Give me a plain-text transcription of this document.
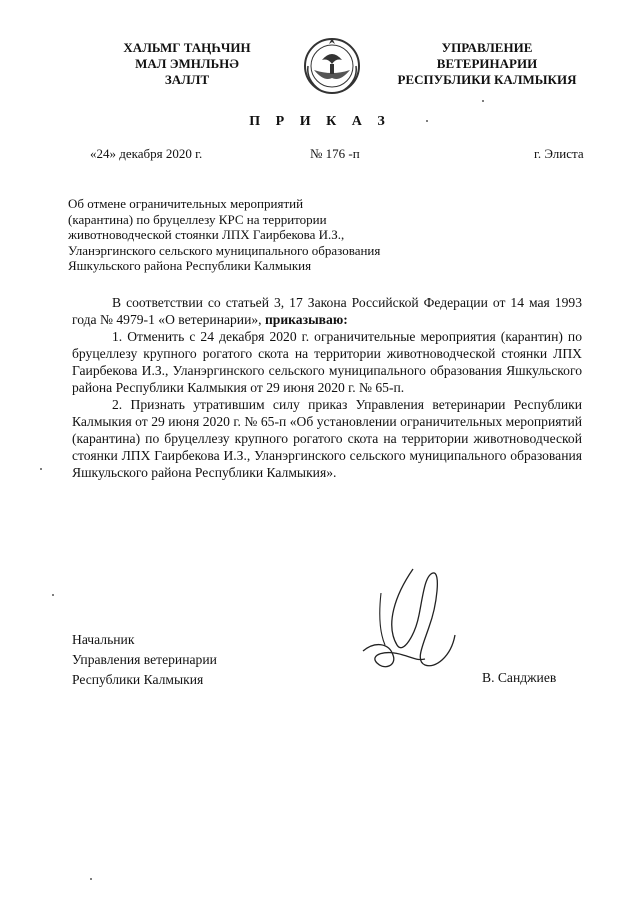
ХАЛЬМГ ТАҢҺЧИН
МАЛ ЭМНЛЬНӘ
ЗАЛЛТ
УПРАВЛЕНИЕ
ВЕТЕРИНАРИИ
РЕСПУБЛИКИ КАЛМЫКИЯ
П Р И К А З
«24» декабря 2020 г.	№ 176 -п	г. Элиста
Об отмене ограничительных мероприятий
(карантина) по бруцеллезу КРС на территории
животноводческой стоянки ЛПХ Гаирбекова И.З.,
Уланэргинского сельского муниципального образования
Яшкульского района Республики Калмыкия

В соответствии со статьей 3, 17 Закона Российской Федерации от 14 мая 1993 года № 4979-1 «О ветеринарии», приказываю:

1. Отменить с 24 декабря 2020 г. ограничительные мероприятия (карантин) по бруцеллезу крупного рогатого скота на территории животноводческой стоянки ЛПХ Гаирбекова И.З., Уланэргинского сельского муниципального образования Яшкульского района Республики Калмыкия от 29 июня 2020 г. № 65-п.

2. Признать утратившим силу приказ Управления ветеринарии Республики Калмыкия от 29 июня 2020 г. № 65-п «Об установлении ограничительных мероприятий (карантина) по бруцеллезу крупного рогатого скота на территории животноводческой стоянки ЛПХ Гаирбекова И.З., Уланэргинского сельского муниципального образования Яшкульского района Республики Калмыкия».

Начальник
Управления ветеринарии
Республики Калмыкия	В. Санджиев
